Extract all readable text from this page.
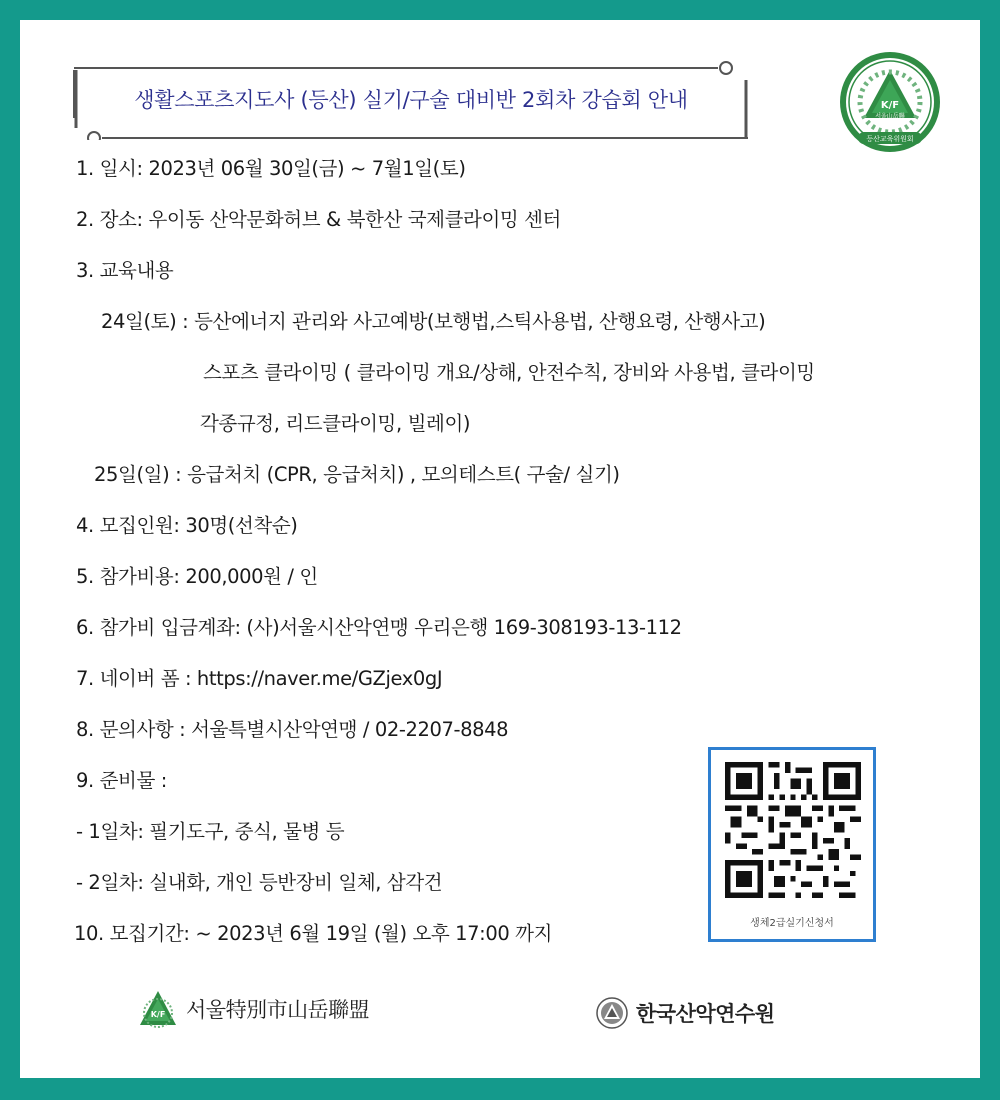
생활스포츠지도사 (등산) 실기/구술 대비반 2회차 강습회 안내	K/F
서울山岳聯
등산교육위원회
1. 일시: 2023년 06월 30일(금) ~ 7월1일(토)
2. 장소: 우이동 산악문화허브 & 북한산 국제클라이밍 센터
3. 교육내용
24일(토) : 등산에너지 관리와 사고예방(보행법,스틱사용법, 산행요령, 산행사고)
스포츠 클라이밍 ( 클라이밍 개요/상해, 안전수칙, 장비와 사용법, 클라이밍
각종규정, 리드클라이밍, 빌레이)
25일(일) : 응급처치 (CPR, 응급처치) , 모의테스트( 구술/ 실기)
4. 모집인원: 30명(선착순)
5. 참가비용: 200,000원 / 인
6. 참가비 입금계좌: (사)서울시산악연맹 우리은행 169-308193-13-112
7. 네이버 폼 : https://naver.me/GZjex0gJ
8. 문의사항 : 서울특별시산악연맹 / 02-2207-8848
9. 준비물 :
- 1일차: 필기도구, 중식, 물병 등
- 2일차: 실내화, 개인 등반장비 일체, 삼각건
10. 모집기간: ~ 2023년 6월 19일 (월) 오후 17:00 까지	생체2급실기신청서
K/F 서울特別市山岳聯盟	한국산악연수원
